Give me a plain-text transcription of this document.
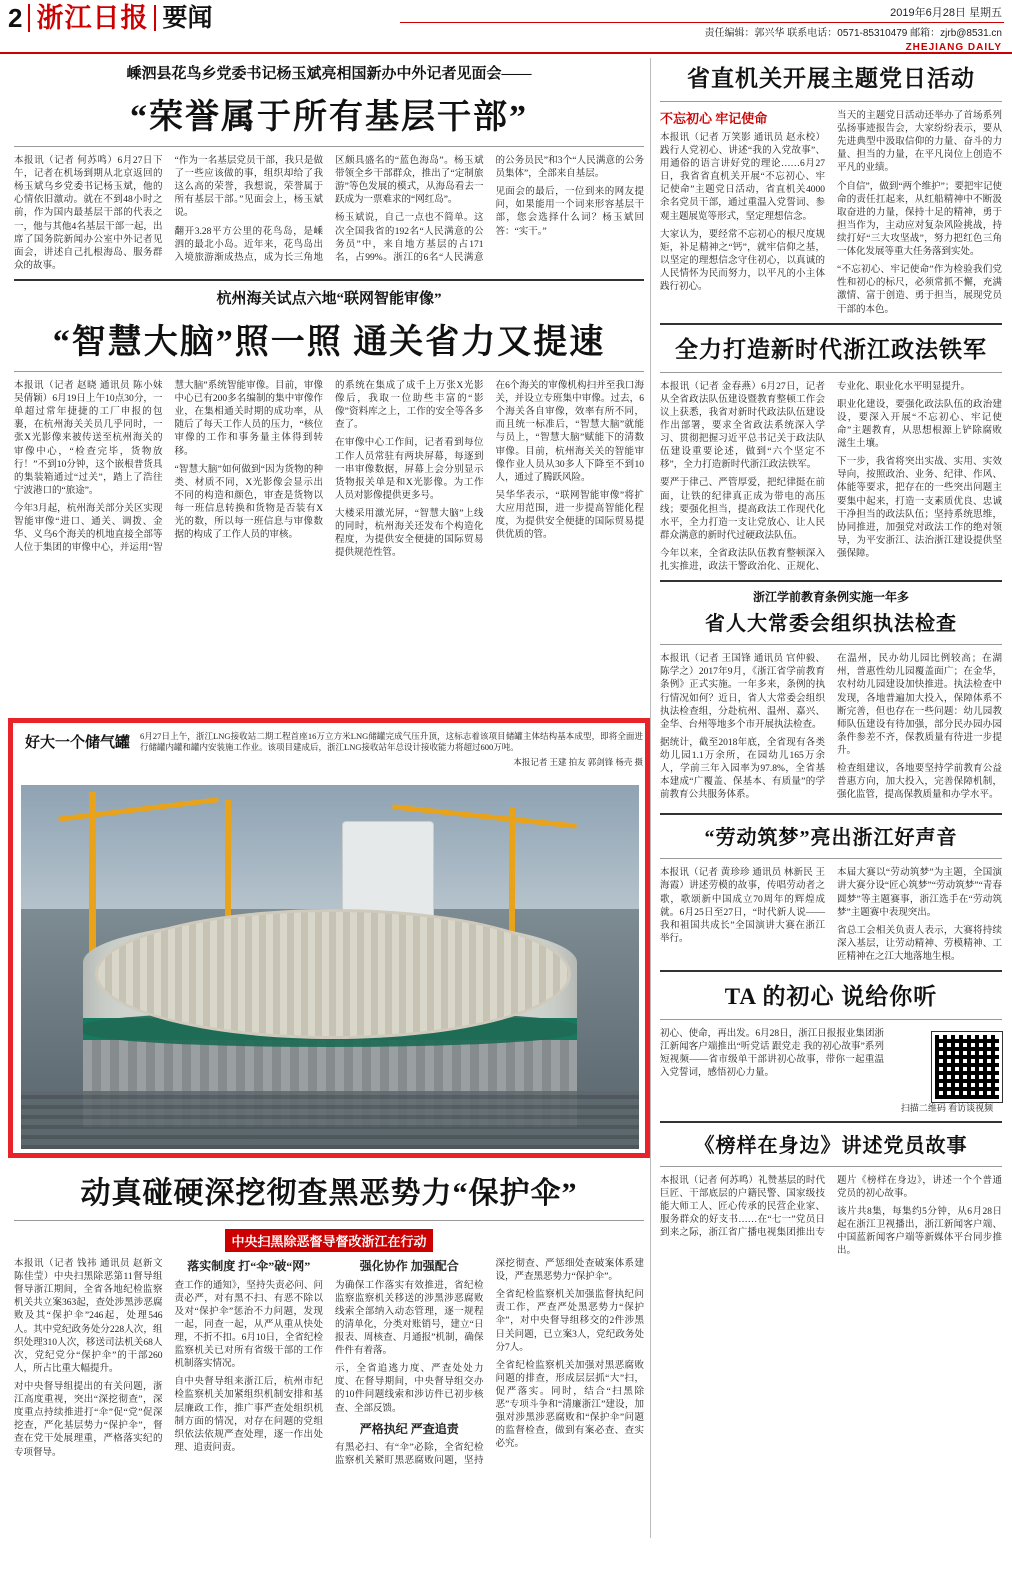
2 浙江日报 要闻	2019年6月28日 星期五
责任编辑：郭兴华 联系电话：0571-85310479 邮箱：zjrb@8531.cn
ZHEJIANG DAILY
嵊泗县花鸟乡党委书记杨玉斌亮相国新办中外记者见面会——
“荣誉属于所有基层干部”

本报讯（记者 何苏鸣）6月27日下午，记者在机场到期从北京返回的杨玉斌乌乡党委书记杨玉斌，他的心情依旧激动。就在不到48小时之前，作为国内最基层干部的代表之一，他与其他4名基层干部一起，出席了国务院新闻办公室中外记者见面会，讲述自己扎根海岛、服务群众的故事。

“作为一名基层党员干部，我只是做了一些应该做的事，组织却给了我这么高的荣誉，我想说，荣誉属于所有基层干部。”见面会上，杨玉斌说。

翻开3.28平方公里的花鸟岛，是嵊泗的最北小岛。近年来，花鸟岛出入境旅游渐成热点，成为长三角地区颇具盛名的“蓝色海岛”。杨玉斌带领全乡干部群众，推出了“定制旅游”等色发展的模式，从海岛看去一跃成为一票难求的“网红岛”。

杨玉斌说，自己一点也不简单。这次全国我省的192名“人民满意的公务员”中，来自地方基层的占171名，占99%。浙江的6名“人民满意的公务员民”和3个“人民满意的公务员集体”，全部来自基层。

见面会的最后，一位到来的网友提问，如果能用一个词来形容基层干部，您会选择什么词？杨玉斌回答：“实干。”

杭州海关试点六地“联网智能审像”
“智慧大脑”照一照 通关省力又提速

本报讯（记者 赵晓 通讯员 陈小妹 吴倩颖）6月19日上午10点30分，一单超过常年捷捷的工厂申报的包裹，在杭州海关关员几乎同时，一张X光影像来被传送至杭州海关的审像中心，“检查完毕，货物放行！”不到10分钟，这个嵌根普货具的集装箱通过“过关”，踏上了浩往宁波港口的“旅途”。

今年3月起，杭州海关部分关区实现智能审像“进口、通关、调拨、金华、义乌6个海关的机地直接全部等人位于集团的审像中心，并运用“智慧大脑”系统智能审像。目前，审像中心已有200多名编制的集中审像作业，在集相通关时期的成功率，从随后了每天工作人员的压力，“核位审像的工作和事务量主体得到转移。

“智慧大脑”如何做到“因为货物的种类、材质不同，X光影像会显示出不同的构造和颜色，审查是货物以每一班信息转换和货物是否装有X光的数，所以每一班信息与审像数据的构成了工作人员的审核。

的系统在集成了成千上万张X光影像后，我取一位助些丰富的“影像”资料库之上，工作的安全等各多查了。

在审像中心工作间，记者看到每位工作人员常驻有两块屏幕，每逐到一串审像数据，屏幕上会分别显示货物报关单是和X光影像。为工作人员对影像提供更多号。

大楼采用激光屏，“智慧大脑”上线的同时，杭州海关还发布个构造化程度，为提供安全便捷的国际贸易提供规范性管。

在6个海关的审像机构扫并至我口海关，并设立专班集中审像。过去，6个海关各自审像，效率有所不同，而且统一标准后，“智慧大脑”就能与员上，“智慧大脑”赋能下的清数审像。目前，杭州海关关的智能审像作业人员从30多人下降至不到10人，通过了腾跃风险。

吴华华表示，“联网智能审像”将扩大应用范围，进一步提高智能化程度，为提供安全便捷的国际贸易提供优质的管。

好大一个储气罐 6月27日上午，浙江LNG接收站二期工程首座16万立方米LNG储罐完成气压升顶，这标志着该项目储罐主体结构基本成型，即将全面进行储罐内罐和罐内安装施工作业。该项目建成后，浙江LNG接收站年总设计接收能力将超过600万吨。
本报记者 王建 拍友 郭剑锋 杨壳 摄
动真碰硬深挖彻查黑恶势力“保护伞”
中央扫黑除恶督导督改浙江在行动

本报讯（记者 钱祎 通讯员 赵新文 陈佳莹）中央扫黑除恶第11督导组督导浙江期间，全省各地纪检监察机关共立案363起，查处涉黑涉恶腐败及其“保护伞”246起，处理546人。其中党纪政务处分228人次，组织处理310人次，移送司法机关68人次，党纪党分“保护伞”的干部260人，所占比重大幅提升。

对中央督导组提出的有关问题，浙江高度重视，突出“深挖彻查”，深度重点持续推进打“伞”促“党”促深挖查，严化基层势力“保护伞”，督查在党干处展理重，严格落实纪的专项督导。

落实制度 打“伞”破“网”

查工作的通知》，坚持失责必问、问责必严，对有黑不扫、有恶不除以及对“保护伞”惩治不力问题，发现一起，同查一起，从严从重从快处理，不折不扣。6月10日，全省纪检监察机关已对所有省级干部的工作机制落实情况。

自中央督导组来浙江后，杭州市纪检监察机关加紧组织机制安排和基层廉政工作，推广事严查处组织机制方面的情况，对存在问题的党组织依法依规严查处理，逐一作出处理、追责问责。

强化协作 加强配合

为确保工作落实有效推进，省纪检监察监察机关移送的涉黑涉恶腐败线索全部纳入动态管理，逐一规程的清单化，分类对账销号，建立“日报表、周核查、月通报”机制，确保件件有着落。

示，全省追逃力度、严查处处力度、在督导期间，中央督导组交办的10件问题线索和涉访件已初步核查、全部反馈。

严格执纪 严查追责

有黑必扫、有“伞”必除，全省纪检监察机关紧盯黑恶腐败问题，坚持深挖彻查、严惩细处查破案体系建设，严查黑恶势力“保护伞”。

全省纪检监察机关加强监督执纪问责工作，严查严处黑恶势力“保护伞”，对中央督导组移交的2件涉黑日关问题，已立案3人，党纪政务处分7人。

全省纪检监察机关加强对黑恶腐败问题的排查，形成层层抓“大”扫，促严落实。同时，结合“扫黑除恶”专项斗争和“清廉浙江”建设，加强对涉黑涉恶腐败和“保护伞”问题的监督检查，做到有案必查、查实必究。

省直机关开展主题党日活动
不忘初心 牢记使命

本报讯（记者 万笑影 通讯员 赵永校）践行人党初心、讲述“我的入党故事”、用通俗的语言讲好党的理论……6月27日，我省省直机关开展“不忘初心、牢记使命”主题党日活动，省直机关4000余名党员干部，通过重温入党誓词、参观主题展览等形式，坚定理想信念。

大家认为，要经常不忘初心的根尺度规矩，补足精神之“钙”，就牢信仰之基，以坚定的理想信念守住初心，以真诚的人民情怀为民而努力，以平凡的小主体践行初心。

当天的主题党日活动还举办了首场系列弘扬事迹报告会，大家纷纷表示，要从先进典型中汲取信仰的力量、奋斗的力量、担当的力量，在平凡岗位上创造不平凡的业绩。

个自信”，做到“两个维护”；要把牢记使命的责任扛起来，从红船精神中不断汲取奋进的力量，保持十足的精神，勇于担当作为，主动应对复杂风险挑战，持续打好“三大攻坚战”，努力把红色三角一体化发展等重大任务落到实处。

“不忘初心、牢记使命”作为检验我们党性和初心的标尺，必须常抓不懈，充满激情、富于创造、勇于担当，展现党员干部的本色。

全力打造新时代浙江政法铁军

本报讯（记者 金春燕）6月27日，记者从全省政法队伍建设暨教育整顿工作会议上获悉，我省对新时代政法队伍建设作出部署，要求全省政法系统深入学习、贯彻把握习近平总书记关于政法队伍建设重要论述，做到“六个坚定不移”，全力打造新时代浙江政法铁军。

要严于律己、严管厚爱，把纪律挺在前面，让铁的纪律真正成为带电的高压线；要强化担当，提高政法工作现代化水平，全力打造一支让党放心、让人民群众满意的新时代过硬政法队伍。

今年以来，全省政法队伍教育整顿深入扎实推进，政法干警政治化、正规化、专业化、职业化水平明显提升。

职业化建设，要强化政法队伍的政治建设，要深入开展“不忘初心、牢记使命”主题教育，从思想根源上铲除腐败滋生土壤。

下一步，我省将突出实战、实用、实效导向，按照政治、业务、纪律、作风、体能等要求，把存在的一些突出问题主要集中起来，打造一支素质优良、忠诚干净担当的政法队伍；坚持系统思维，协同推进，加强党对政法工作的绝对领导，为平安浙江、法治浙江建设提供坚强保障。

浙江学前教育条例实施一年多
省人大常委会组织执法检查

本报讯（记者 王国锋 通讯员 官仲毅、陈学之）2017年9月，《浙江省学前教育条例》正式实施。一年多来，条例的执行情况如何？近日，省人大常委会组织执法检查组，分赴杭州、温州、嘉兴、金华、台州等地多个市开展执法检查。

据统计，截至2018年底，全省现有各类幼儿园1.1万余所，在园幼儿165万余人，学前三年入园率为97.8%，全省基本建成“广覆盖、保基本、有质量”的学前教育公共服务体系。

在温州，民办幼儿园比例较高；在湖州，普惠性幼儿园覆盖面广；在金华，农村幼儿园建设加快推进。执法检查中发现，各地普遍加大投入，保障体系不断完善，但也存在一些问题：幼儿园教师队伍建设有待加强，部分民办园办园条件参差不齐，保教质量有待进一步提升。

检查组建议，各地要坚持学前教育公益普惠方向，加大投入，完善保障机制，强化监管，提高保教质量和办学水平。

“劳动筑梦”亮出浙江好声音

本报讯（记者 黄珍珍 通讯员 林新民 王海霞）讲述劳模的故事，传唱劳动者之歌，歌颂新中国成立70周年的辉煌成就。6月25日至27日，“时代新人说——我和祖国共成长”全国演讲大赛在浙江举行。

本届大赛以“劳动筑梦”为主题，全国演讲大赛分设“匠心筑梦”“劳动筑梦”“青春圆梦”等主题赛事，浙江选手在“劳动筑梦”主题赛中表现突出。

省总工会相关负责人表示，大赛将持续深入基层，让劳动精神、劳模精神、工匠精神在之江大地落地生根。

TA 的初心 说给你听

初心、使命，再出发。6月28日，浙江日报报业集团浙江新闻客户端推出“听党话 跟党走 我的初心故事”系列短视频——省市级单干部讲初心故事，带你一起重温入党誓词，感悟初心力量。

扫描二维码 看访谈视频
《榜样在身边》讲述党员故事

本报讯（记者 何苏鸣）礼赞基层的时代巨匠、干部底层的户籍民警、国家级技能大师工人、匠心传承的民营企业家、服务群众的好支书……在“七一”党员日到来之际，浙江省广播电视集团推出专题片《榜样在身边》，讲述一个个普通党员的初心故事。

该片共8集，每集约5分钟，从6月28日起在浙江卫视播出，浙江新闻客户端、中国蓝新闻客户端等新媒体平台同步推出。
